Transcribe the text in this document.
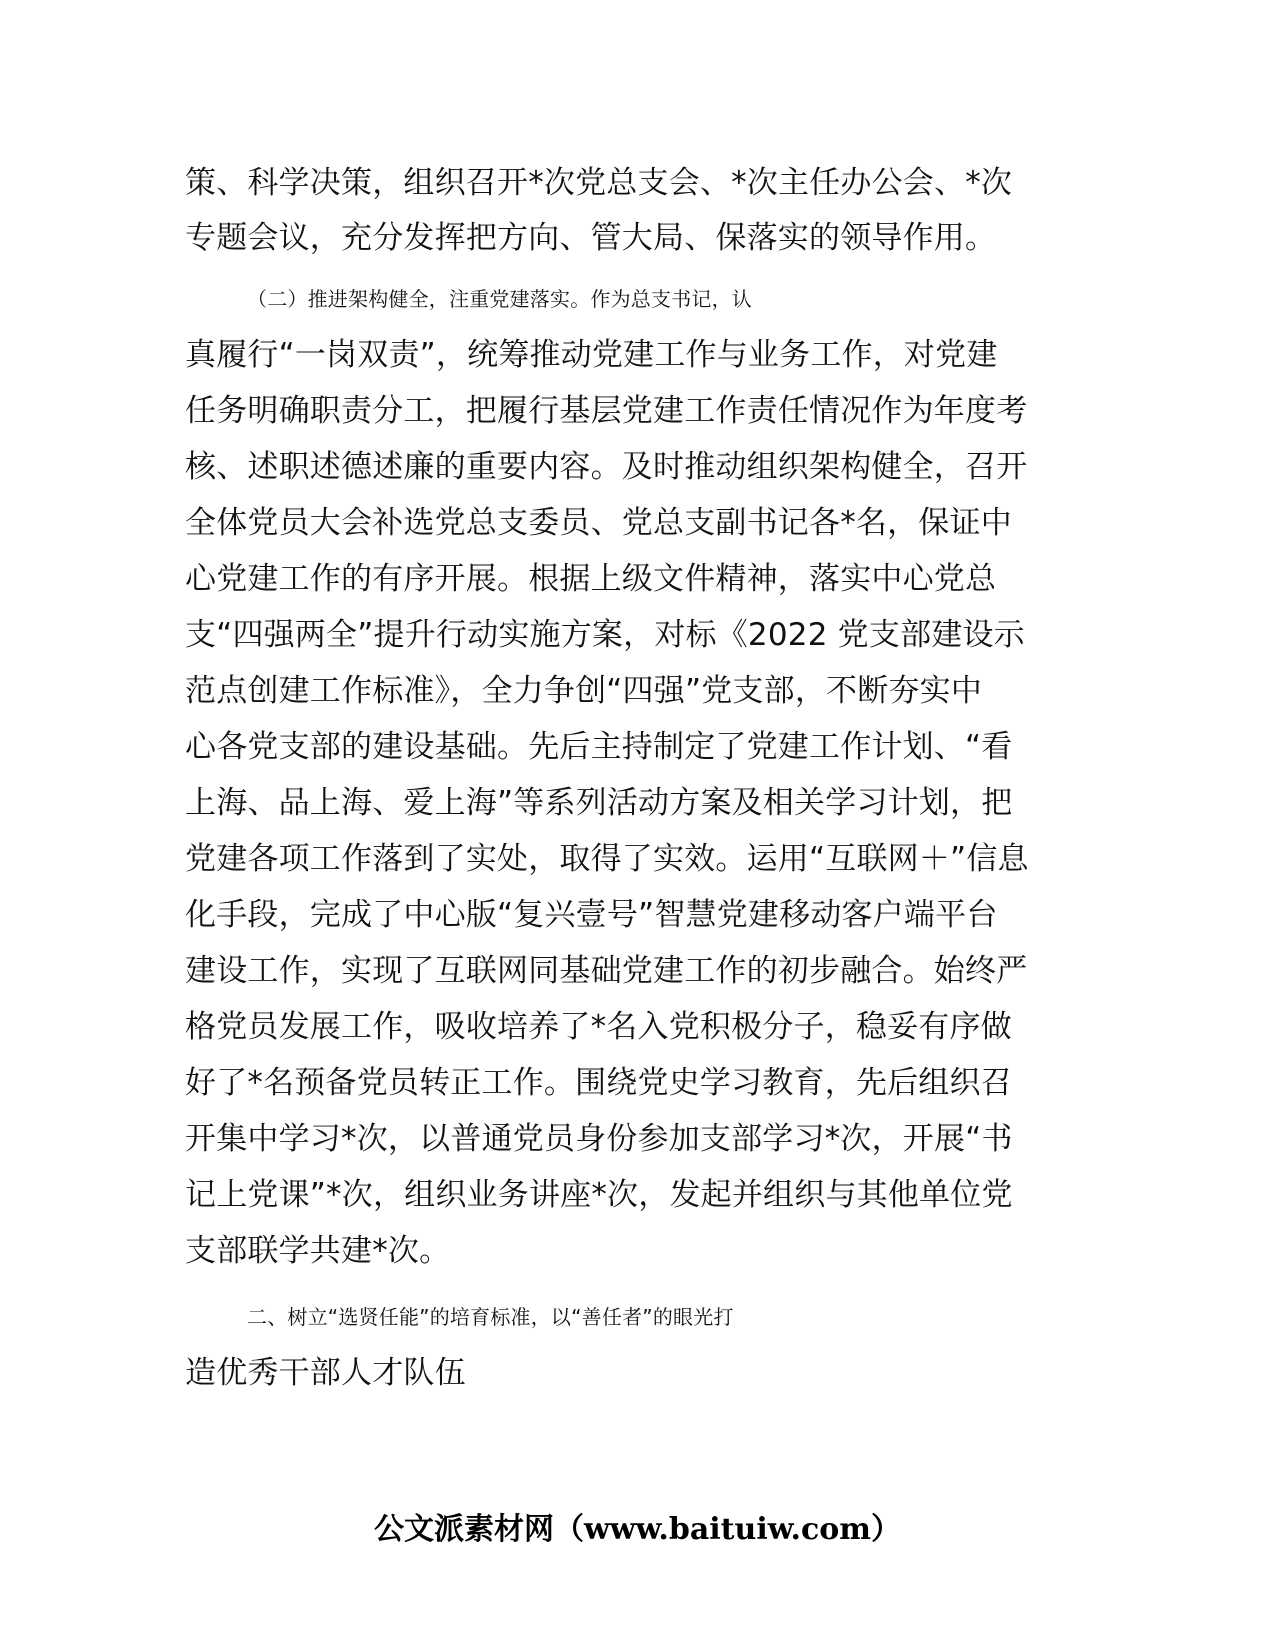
策、科学决策，组织召开*次党总支会、*次主任办公会、*次
专题会议，充分发挥把方向、管大局、保落实的领导作用。
（二）推进架构健全，注重党建落实。作为总支书记，认
真履行“一岗双责”，统筹推动党建工作与业务工作，对党建
任务明确职责分工，把履行基层党建工作责任情况作为年度考
核、述职述德述廉的重要内容。及时推动组织架构健全，召开
全体党员大会补选党总支委员、党总支副书记各*名，保证中
心党建工作的有序开展。根据上级文件精神，落实中心党总
支“四强两全”提升行动实施方案，对标《2022 党支部建设示
范点创建工作标准》，全力争创“四强”党支部，不断夯实中
心各党支部的建设基础。先后主持制定了党建工作计划、“看
上海、品上海、爱上海”等系列活动方案及相关学习计划，把
党建各项工作落到了实处，取得了实效。运用“互联网＋”信息
化手段，完成了中心版“复兴壹号”智慧党建移动客户端平台
建设工作，实现了互联网同基础党建工作的初步融合。始终严
格党员发展工作，吸收培养了*名入党积极分子，稳妥有序做
好了*名预备党员转正工作。围绕党史学习教育，先后组织召
开集中学习*次，以普通党员身份参加支部学习*次，开展“书
记上党课”*次，组织业务讲座*次，发起并组织与其他单位党
支部联学共建*次。
二、树立“选贤任能”的培育标准，以“善任者”的眼光打
造优秀干部人才队伍
公文派素材网（www.baituiw.com）
